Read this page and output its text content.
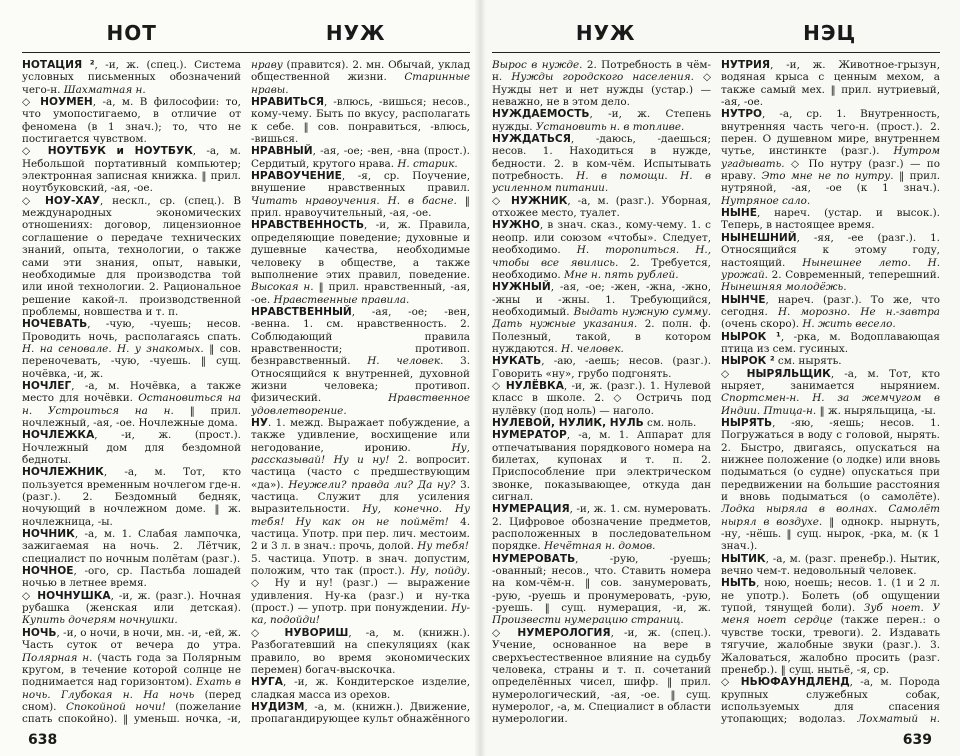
НОТ	НУЖ

НОТАЦИЯ ², -и, ж. (спец.). Система условных письменных обозначений чего-н. Шахматная н.

◇ НОУМЕН, -а, м. В философии: то, что умопостигаемо, в отличие от феномена (в 1 знач.); то, что не постигается чувством.

◇ НОУТБУК и НОУТБУК, -а, м. Небольшой портативный компьютер; электронная записная книжка. ‖ прил. ноутбуковский, -ая, -ое.

◇ НОУ-ХАУ, нескл., ср. (спец.). В международных экономических отношениях: договор, лицензионное соглашение о передаче технических знаний, опыта, технологии, о также сами эти знания, опыт, навыки, необходимые для производства той или иной технологии. 2. Рациональное решение какой-л. производственной проблемы, новшества и т. п.

НОЧЕВАТЬ, -чую, -чуешь; несов. Проводить ночь, располагаясь спать. Н. на сеновале. Н. у знакомых. ‖ сов. переночевать, -чую, -чуешь. ‖ сущ. ночёвка, -и, ж.

НОЧЛЕГ, -а, м. Ночёвка, а также место для ночёвки. Остановиться на н. Устроиться на н. ‖ прил. ночлежный, -ая, -ое. Ночлежные дома.

НОЧЛЕЖКА, -и, ж. (прост.). Ночлежный дом для бездомной бедноты.

НОЧЛЕЖНИК, -а, м. Тот, кто пользуется временным ночлегом где-н. (разг.). 2. Бездомный бедняк, ночующий в ночлежном доме. ‖ ж. ночлежница, -ы.

НОЧНИК, -а, м. 1. Слабая лампочка, зажигаемая на ночь. 2. Лётчик, специалист по ночным полётам (разг.).

НОЧНОЕ, -ого, ср. Пастьба лошадей ночью в летнее время.

◇ НОЧНУШКА, -и, ж. (разг.). Ночная рубашка (женская или детская). Купить дочерям ночнушки.

НОЧЬ, -и, о ночи, в ночи, мн. -и, -ей, ж. Часть суток от вечера до утра. Полярная н. (часть года за Полярным кругом, в течение которой солнце не поднимается над горизонтом). Ехать в ночь. Глубокая н. На ночь (перед сном). Спокойной ночи! (пожелание спать спокойно). ‖ уменьш. ночка, -и,

нраву (правится). 2. мн. Обычай, уклад общественной жизни. Старинные нравы.

НРАВИТЬСЯ, -влюсь, -вишься; несов., кому-чему. Быть по вкусу, располагать к себе. ‖ сов. понравиться, -влюсь, -вишься.

НРАВНЫЙ, -ая, -ое; -вен, -вна (прост.). Сердитый, крутого нрава. Н. старик.

НРАВОУЧЕНИЕ, -я, ср. Поучение, внушение нравственных правил. Читать нравоучения. Н. в басне. ‖ прил. нравоучительный, -ая, -ое.

НРАВСТВЕННОСТЬ, -и, ж. Правила, определяющие поведение; духовные и душевные качества, необходимые человеку в обществе, а также выполнение этих правил, поведение. Высокая н. ‖ прил. нравственный, -ая, -ое. Нравственные правила.

НРАВСТВЕННЫЙ, -ая, -ое; -вен, -венна. 1. см. нравственность. 2. Соблюдающий правила нравственности; противоп. безнравственный. Н. человек. 3. Относящийся к внутренней, духовной жизни человека; противоп. физический. Нравственное удовлетворение.

НУ. 1. межд. Выражает побуждение, а также удивление, восхищение или негодование, иронию. Ну, рассказывай! Ну и ну! 2. вопросит. частица (часто с предшествующим «да»). Неужели? правда ли? Да ну? 3. частица. Служит для усиления выразительности. Ну, конечно. Ну тебя! Ну как он не поймёт! 4. частица. Употр. при пер. лич. местоим. 2 и 3 л. в знач.: прочь, долой. Ну тебя!

5. частица. Употр. в знач. допустим, положим, что так (прост.). Ну, пойду. ◇ Ну и ну! (разг.) — выражение удивления. Ну-ка (разг.) и ну-тка (прост.) — употр. при понуждении. Ну-ка, подойди!

◇ НУВОРИШ, -а, м. (книжн.). Разбогатевший на спекуляциях (как правило, во время экономических перемен) богач-выскочка.

НУГА, -и, ж. Кондитерское изделие, сладкая масса из орехов.

НУДИЗМ, -а, м. (книжн.). Движение, пропагандирующее культ обнажённого

638
НУЖ	НЭЦ

Вырос в нужде. 2. Потребность в чём-н. Нужды городского населения. ◇ Нужды нет и нет нужды (устар.) — неважно, не в этом дело.

НУЖДАЕМОСТЬ, -и, ж. Степень нужды. Установить н. в топливе.

НУЖДАТЬСЯ, -даюсь, -даешься; несов. 1. Находиться в нужде, бедности. 2. в ком-чём. Испытывать потребность. Н. в помощи. Н. в усиленном питании.

◇ НУЖНИК, -а, м. (разг.). Уборная, отхожее место, туалет.

НУЖНО, в знач. сказ., кому-чему. 1. с неопр. или союзом «чтобы». Следует, необходимо. Н. торопиться. Н., чтобы все явились. 2. Требуется, необходимо. Мне н. пять рублей.

НУЖНЫЙ, -ая, -ое; -жен, -жна, -жно, -жны и -жны. 1. Требующийся, необходимый. Выдать нужную сумму. Дать нужные указания. 2. полн. ф. Полезный, такой, в котором нуждаются. Н. человек.

НУКАТЬ, -аю, -аешь; несов. (разг.). Говорить «ну», грубо подгонять.

◇ НУЛЁВКА, -и, ж. (разг.). 1. Нулевой класс в школе. 2. ◇ Остричь под нулёвку (под ноль) — наголо.

НУЛЕВОЙ, НУЛИК, НУЛЬ см. ноль.

НУМЕРАТОР, -а, м. 1. Аппарат для отпечатывания порядкового номера на билетах, купонах и т. п. 2. Приспособление при электрическом звонке, показывающее, откуда дан сигнал.

НУМЕРАЦИЯ, -и, ж. 1. см. нумеровать. 2. Цифровое обозначение предметов, расположенных в последовательном порядке. Нечётная н. домов.

НУМЕРОВАТЬ, -рую, -руешь; -ованный; несов., что. Ставить номера на ком-чём-н. ‖ сов. занумеровать, -рую, -руешь и пронумеровать, -рую, -руешь. ‖ сущ. нумерация, -и, ж. Произвести нумерацию страниц.

◇ НУМЕРОЛОГИЯ, -и, ж. (спец.). Учение, основанное на вере в сверхъестественное влияние на судьбу человека, страны и т. п. сочетаний определённых чисел, шифр. ‖ прил. нумерологический, -ая, -ое. ‖ сущ. нумеролог, -а, м. Специалист в области нумерологии.

НУТРИЯ, -и, ж. Животное-грызун, водяная крыса с ценным мехом, а также самый мех. ‖ прил. нутриевый, -ая, -ое.

НУТРО, -а, ср. 1. Внутренность, внутренняя часть чего-н. (прост.). 2. перен. О душевном мире, внутреннем чутье, инстинкте (разг.). Нутром угадывать. ◇ По нутру (разг.) — по нраву. Это мне не по нутру. ‖ прил. нутряной, -ая, -ое (к 1 знач.). Нутряное сало.

НЫНЕ, нареч. (устар. и высок.). Теперь, в настоящее время.

НЫНЕШНИЙ, -яя, -ее (разг.). 1. Относящийся к этому году, настоящий. Нынешнее лето. Н. урожай. 2. Современный, теперешний. Нынешняя молодёжь.

НЫНЧЕ, нареч. (разг.). То же, что сегодня. Н. морозно. Не н.-завтра (очень скоро). Н. жить весело.

НЫРОК ¹, -рка, м. Водоплавающая птица из сем. гусиных.

НЫРОК ² см. нырять.

◇ НЫРЯЛЬЩИК, -а, м. Тот, кто ныряет, занимается нырянием. Спортсмен-н. Н. за жемчугом в Индии. Птица-н. ‖ ж. ныряльщица, -ы.

НЫРЯТЬ, -яю, -яешь; несов. 1. Погружаться в воду с головой, нырять. 2. Быстро, двигаясь, опускаться на нижнее положение (о лодке) или вновь подыматься (о судне) опускаться при передвижении на большие расстояния и вновь подыматься (о самолёте). Лодка ныряла в волнах. Самолёт нырял в воздухе. ‖ однокр. нырнуть, -ну, -нёшь. ‖ сущ. нырок, -рка, м. (к 1 знач.).

НЫТИК, -а, м. (разг. пренебр.). Нытик, вечно чем-т. недовольный человек.

НЫТЬ, ною, ноешь; несов. 1. (1 и 2 л. не употр.). Болеть (об ощущении тупой, тянущей боли). Зуб ноет. У меня ноет сердце (также перен.: о чувстве тоски, тревоги). 2. Издавать тягучие, жалобные звуки (разг.). 3. Жаловаться, жалобно просить (разг. пренебр.). ‖ сущ. нытьё, -я, ср.

◇ НЬЮФАУНДЛЕНД, -а, м. Порода крупных служебных собак, используемых для спасения утопающих; водолаз. Лохматый н.

639
